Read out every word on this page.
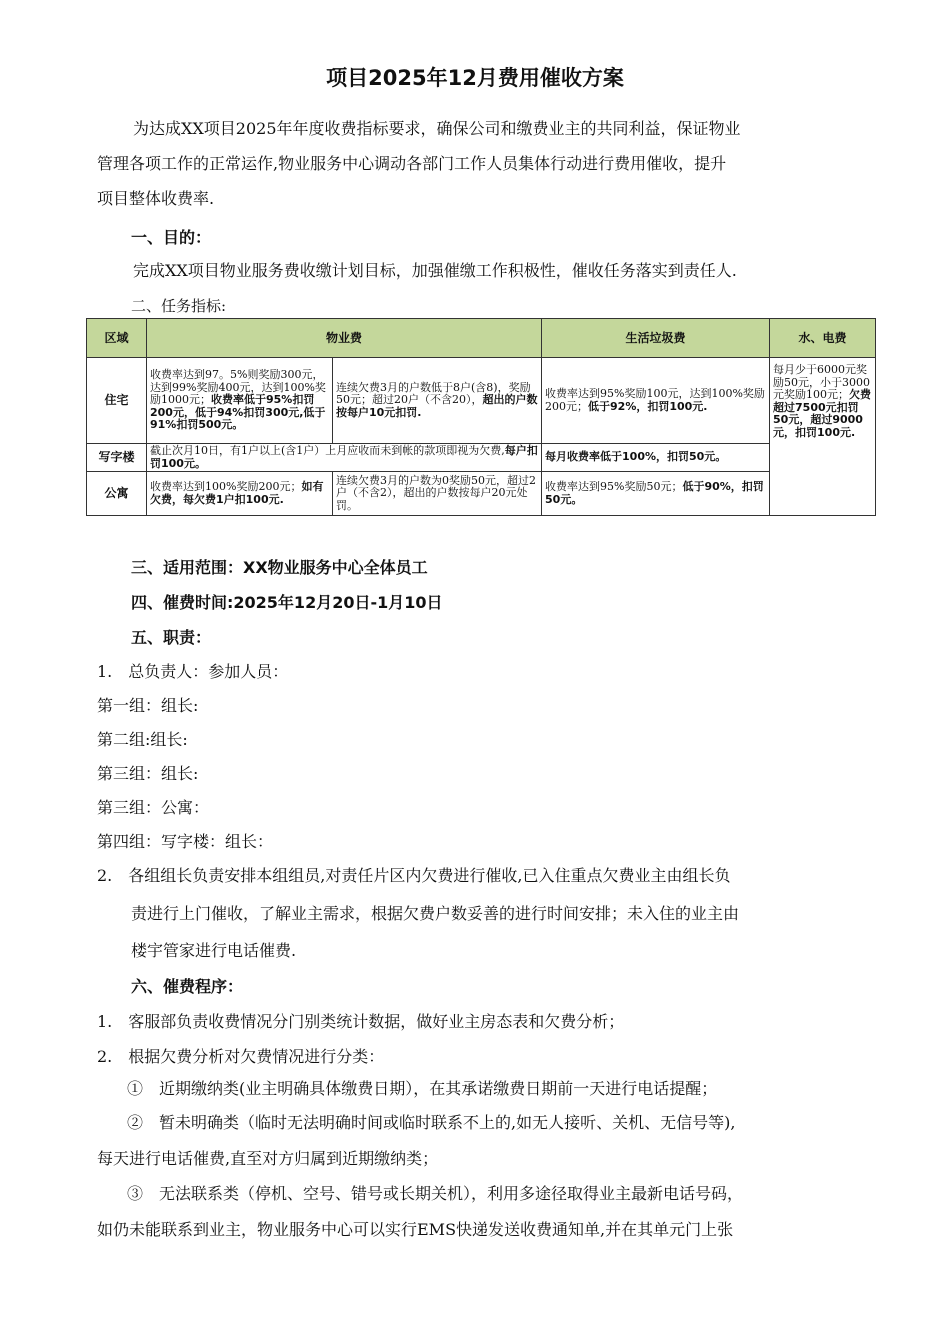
项目2025年12月费用催收方案
为达成XX项目2025年年度收费指标要求，确保公司和缴费业主的共同利益，保证物业
管理各项工作的正常运作,物业服务中心调动各部门工作人员集体行动进行费用催收，提升
项目整体收费率.
一、目的：
完成XX项目物业服务费收缴计划目标，加强催缴工作积极性，催收任务落实到责任人.
二、任务指标:
区域	物业费		生活垃圾费	水、电费
住宅	收费率达到97。5%则奖励300元，达到99%奖励400元，达到100%奖励1000元；收费率低于95%扣罚200元，低于94%扣罚300元,低于91%扣罚500元。	连续欠费3月的户数低于8户(含8)，奖励50元；超过20户（不含20），超出的户数按每户10元扣罚.	收费率达到95%奖励100元，达到100%奖励200元；低于92%，扣罚100元.	每月少于6000元奖励50元，小于3000元奖励100元；欠费超过7500元扣罚50元，超过9000元，扣罚100元.
写字楼	截止次月10日，有1户以上(含1户）上月应收而未到帐的款项即视为欠费,每户扣罚100元。		每月收费率低于100%，扣罚50元。	
公寓	收费率达到100%奖励200元；如有欠费，每欠费1户扣100元.	连续欠费3月的户数为0奖励50元，超过2户（不含2），超出的户数按每户20元处罚。	收费率达到95%奖励50元；低于90%，扣罚50元。	
三、适用范围：XX物业服务中心全体员工
四、催费时间:2025年12月20日-1月10日
五、职责：
1.　总负责人：参加人员：
第一组：组长:
第二组:组长:
第三组：组长:
第三组：公寓：
第四组：写字楼：组长：
2.　各组组长负责安排本组组员,对责任片区内欠费进行催收,已入住重点欠费业主由组长负
责进行上门催收，了解业主需求，根据欠费户数妥善的进行时间安排；未入住的业主由
楼宇管家进行电话催费.
六、催费程序：
1.　客服部负责收费情况分门别类统计数据，做好业主房态表和欠费分析；
2.　根据欠费分析对欠费情况进行分类：
①　近期缴纳类(业主明确具体缴费日期），在其承诺缴费日期前一天进行电话提醒；
②　暂未明确类（临时无法明确时间或临时联系不上的,如无人接听、关机、无信号等),
每天进行电话催费,直至对方归属到近期缴纳类；
③　无法联系类（停机、空号、错号或长期关机），利用多途径取得业主最新电话号码，
如仍未能联系到业主，物业服务中心可以实行EMS快递发送收费通知单,并在其单元门上张
